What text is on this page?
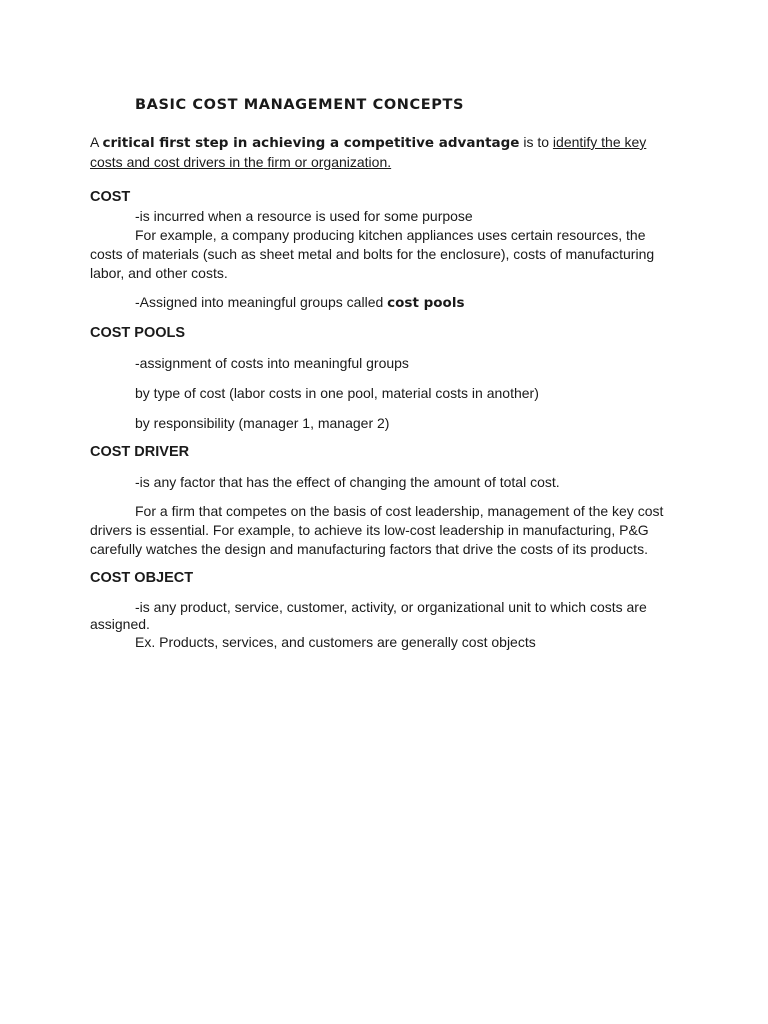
BASIC COST MANAGEMENT CONCEPTS

A critical first step in achieving a competitive advantage is to identify the key costs and cost drivers in the firm or organization.

COST

-is incurred when a resource is used for some purpose

For example, a company producing kitchen appliances uses certain resources, the costs of materials (such as sheet metal and bolts for the enclosure), costs of manufacturing labor, and other costs.

-Assigned into meaningful groups called cost pools

COST POOLS

-assignment of costs into meaningful groups

by type of cost (labor costs in one pool, material costs in another)

by responsibility (manager 1, manager 2)

COST DRIVER

-is any factor that has the effect of changing the amount of total cost.

For a firm that competes on the basis of cost leadership, management of the key cost drivers is essential. For example, to achieve its low-cost leadership in manufacturing, P&G carefully watches the design and manufacturing factors that drive the costs of its products.

COST OBJECT

-is any product, service, customer, activity, or organizational unit to which costs are assigned.

Ex. Products, services, and customers are generally cost objects
